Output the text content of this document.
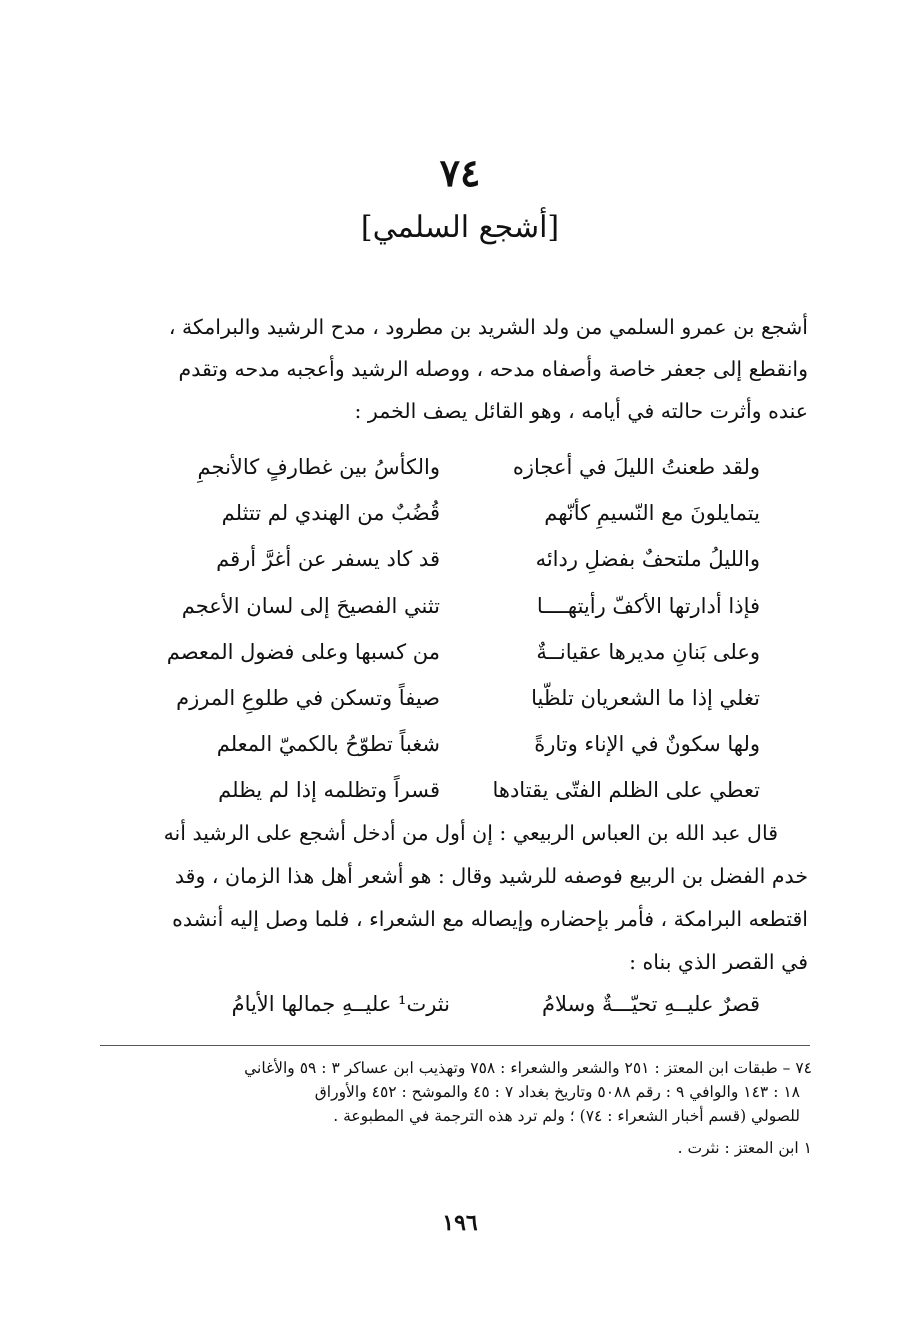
٧٤
[أشجع السلمي]

أشجع بن عمرو السلمي من ولد الشريد بن مطرود ، مدح الرشيد والبرامكة ،
وانقطع إلى جعفر خاصة وأصفاه مدحه ، ووصله الرشيد وأعجبه مدحه وتقدم
عنده وأثرت حالته في أيامه ، وهو القائل يصف الخمر :

ولقد طعنتُ الليلَ في أعجازه
والكأسُ بين غطارفٍ كالأنجمِ
يتمايلونَ مع النّسيمِ كأنّهم
قُضُبٌ من الهندي لم تتثلم
والليلُ ملتحفٌ بفضلِ ردائه
قد كاد يسفر عن أغرَّ أرقم
فإذا أدارتها الأكفّ رأيتهــــا
تثني الفصيحَ إلى لسان الأعجم
وعلى بَنانِ مديرها عقيانــةٌ
من كسبها وعلى فضول المعصم
تغلي إذا ما الشعريان تلظّيا
صيفاً وتسكن في طلوعِ المرزم
ولها سكونٌ في الإناء وتارةً
شغباً تطوّحُ بالكميّ المعلم
تعطي على الظلم الفتّى يقتادها
قسراً وتظلمه إذا لم يظلم
قال عبد الله بن العباس الربيعي : إن أول من أدخل أشجع على الرشيد أنه
خدم الفضل بن الربيع فوصفه للرشيد وقال : هو أشعر أهل هذا الزمان ، وقد
اقتطعه البرامكة ، فأمر بإحضاره وإيصاله مع الشعراء ، فلما وصل إليه أنشده
في القصر الذي بناه :
قصرٌ عليــهِ تحيّـــةٌ وسلامُ
نثرت¹ عليــهِ جمالها الأيامُ
٧٤ – طبقات ابن المعتز : ٢٥١ والشعر والشعراء : ٧٥٨ وتهذيب ابن عساكر ٣ : ٥٩ والأغاني
١٨ : ١٤٣ والوافي ٩ : رقم ٥٠٨٨ وتاريخ بغداد ٧ : ٤٥ والموشح : ٤٥٢ والأوراق
للصولي (قسم أخبار الشعراء : ٧٤) ؛ ولم ترد هذه الترجمة في المطبوعة .
١ ابن المعتز : نثرت .
١٩٦
